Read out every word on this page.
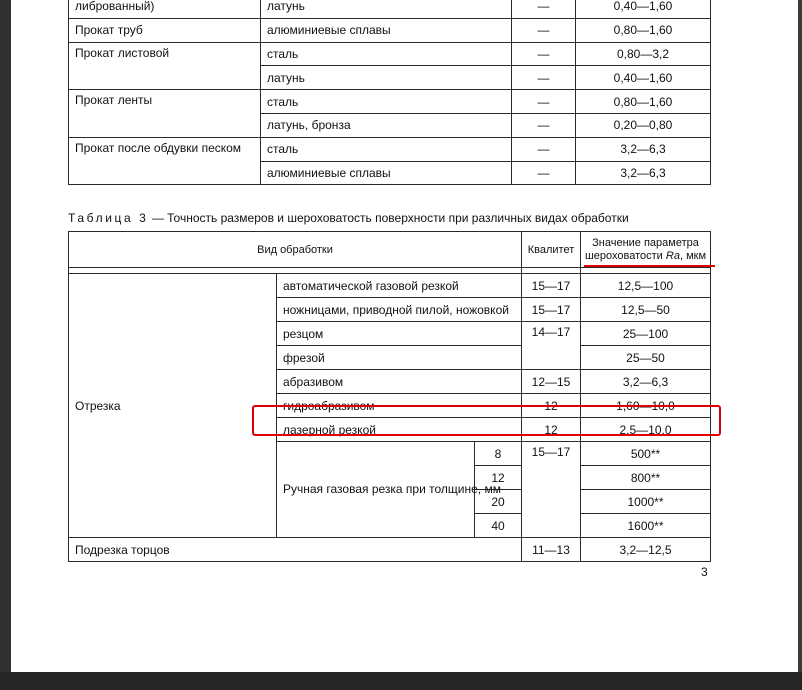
либрованный)	латунь	—	0,40—1,60
Прокат труб	алюминиевые сплавы	—	0,80—1,60
Прокат листовой	сталь	—	0,80—3,2
	латунь	—	0,40—1,60
Прокат ленты	сталь	—	0,80—1,60
	латунь, бронза	—	0,20—0,80
Прокат после обдувки песком	сталь	—	3,2—6,3
	алюминиевые сплавы	—	3,2—6,3
Таблица 3 — Точность размеров и шероховатость поверхности при различных видах обработки
Вид обработки			Квалитет	Значение параметра
шероховатости Ra, мкм

Отрезка	автоматической газовой резкой		15—17	12,5—100
	ножницами, приводной пилой, ножовкой		15—17	12,5—50
	резцом		14—17	25—100
	фрезой			25—50
	абразивом		12—15	3,2—6,3
	гидроабразивом		12	1,60—10,0
	лазерной резкой		12	2,5—10,0
	Ручная газовая резка при толщине, мм	8	15—17	500**
		12		800**
		20		1000**
		40		1600**
Подрезка торцов			11—13	3,2—12,5
3
